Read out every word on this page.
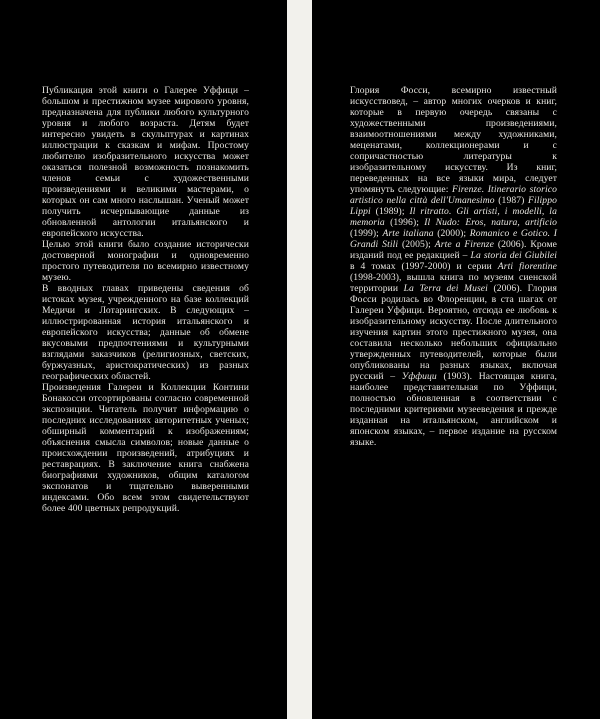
Публикация этой книги о Галерее Уффици – большом и престижном музее мирового уровня, предназначена для публики любого культурного уровня и любого возраста. Детям будет интересно увидеть в скульптурах и картинах иллюстрации к сказкам и мифам. Простому любителю изобразительного искусства может оказаться полезной возможность познакомить членов семьи с художественными произведениями и великими мастерами, о которых он сам много наслышан. Ученый может получить исчерпывающие данные из обновленной антологии итальянского и европейского искусства.

Целью этой книги было создание исторически достоверной монографии и одновременно простого путеводителя по всемирно известному музею.

В вводных главах приведены сведения об истоках музея, учрежденного на базе коллекций Медичи и Лотарингских. В следующих – иллюстрированная история итальянского и европейского искусства; данные об обмене вкусовыми предпочтениями и культурными взглядами заказчиков (религиозных, светских, буржуазных, аристократических) из разных географических областей.

Произведения Галереи и Коллекции Контини Бонакосси отсортированы согласно современной экспозиции. Читатель получит информацию о последних исследованиях авторитетных ученых; обширный комментарий к изображениям; объяснения смысла символов; новые данные о происхождении произведений, атрибуциях и реставрациях. В заключение книга снабжена биографиями художников, общим каталогом экспонатов и тщательно выверенными индексами. Обо всем этом свидетельствуют более 400 цветных репродукций.

Глория Фосси, всемирно известный искусствовед, – автор многих очерков и книг, которые в первую очередь связаны с художественными произведениями, взаимоотношениями между художниками, меценатами, коллекционерами и с сопричастностью литературы к изобразительному искусству. Из книг, переведенных на все языки мира, следует упомянуть следующие: Firenze. Itinerario storico artistico nella città dell'Umanesimo (1987) Filippo Lippi (1989); Il ritratto. Gli artisti, i modelli, la memoria (1996); Il Nudo: Eros, natura, artificio (1999); Arte italiana (2000); Romanico e Gotico. I Grandi Stili (2005); Arte a Firenze (2006). Кроме изданий под ее редакцией – La storia dei Giubilei в 4 томах (1997-2000) и серии Arti fiorentine (1998-2003), вышла книга по музеям сиенской территории La Terra dei Musei (2006). Глория Фосси родилась во Флоренции, в ста шагах от Галереи Уффици. Вероятно, отсюда ее любовь к изобразительному искусству. После длительного изучения картин этого престижного музея, она составила несколько небольших официально утвержденных путеводителей, которые были опубликованы на разных языках, включая русский – Уффици (1903). Настоящая книга, наиболее представительная по Уффици, полностью обновленная в соответствии с последними критериями музееведения и прежде изданная на итальянском, английском и японском языках, – первое издание на русском языке.
